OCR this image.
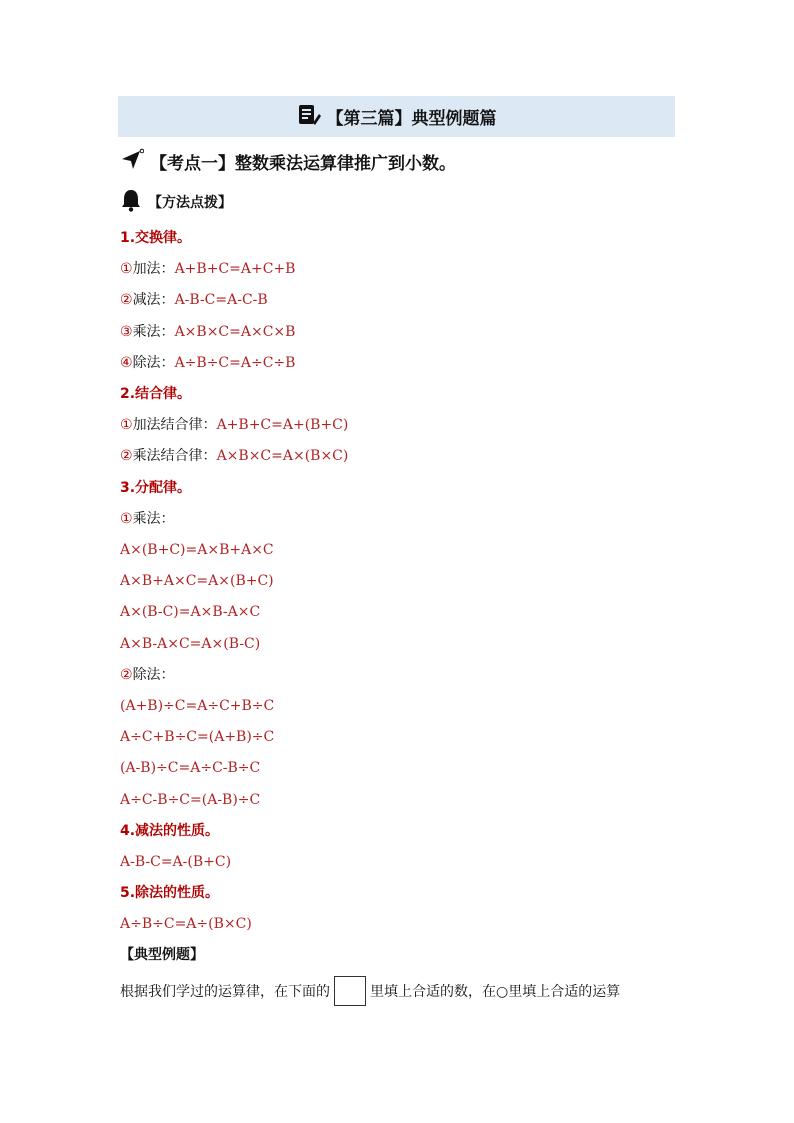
【第三篇】典型例题篇
【考点一】整数乘法运算律推广到小数。
【方法点拨】
1.交换律。
①加法：A+B+C=A+C+B
②减法：A-B-C=A-C-B
③乘法：A×B×C=A×C×B
④除法：A÷B÷C=A÷C÷B
2.结合律。
①加法结合律：A+B+C=A+(B+C)
②乘法结合律：A×B×C=A×(B×C)
3.分配律。
①乘法：
A×(B+C)=A×B+A×C
A×B+A×C=A×(B+C)
A×(B-C)=A×B-A×C
A×B-A×C=A×(B-C)
②除法：
(A+B)÷C=A÷C+B÷C
A÷C+B÷C=(A+B)÷C
(A-B)÷C=A÷C-B÷C
A÷C-B÷C=(A-B)÷C
4.减法的性质。
A-B-C=A-(B+C)
5.除法的性质。
A÷B÷C=A÷(B×C)
【典型例题】
根据我们学过的运算律，在下面的	里填上合适的数，在○里填上合适的运算
